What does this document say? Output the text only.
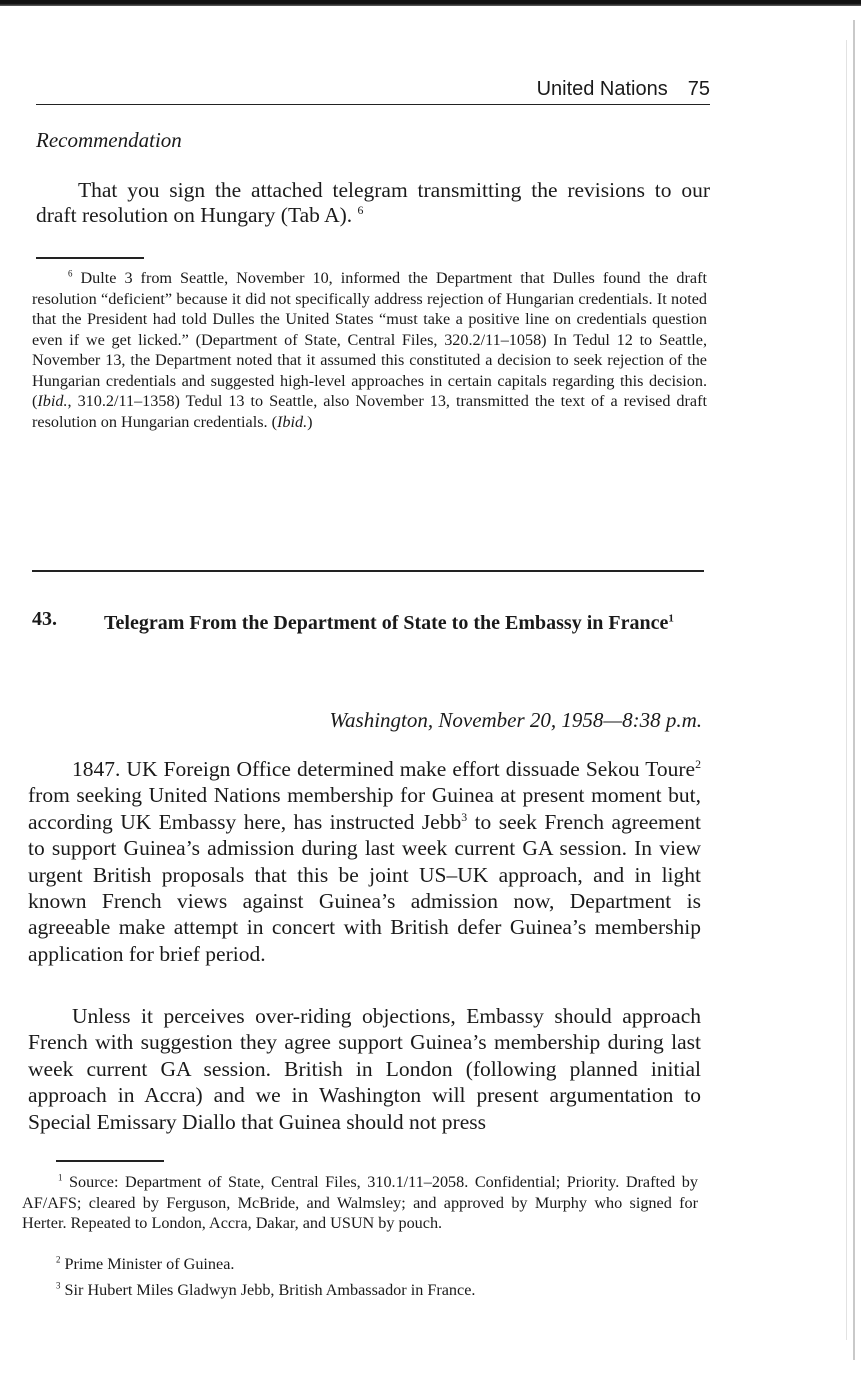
United Nations 75
Recommendation
That you sign the attached telegram transmitting the revisions to our draft resolution on Hungary (Tab A). $^6$
$^6$ Dulte 3 from Seattle, November 10, informed the Department that Dulles found the draft resolution “deficient” because it did not specifically address rejection of Hungarian credentials. It noted that the President had told Dulles the United States “must take a positive line on credentials question even if we get licked.” (Department of State, Central Files, 320.2/11–1058) In Tedul 12 to Seattle, November 13, the Department noted that it assumed this constituted a decision to seek rejection of the Hungarian credentials and suggested high-level approaches in certain capitals regarding this decision. (Ibid., 310.2/11–1358) Tedul 13 to Seattle, also November 13, transmitted the text of a revised draft resolution on Hungarian credentials. (Ibid.)
43. Telegram From the Department of State to the Embassy in France$^1$
Washington, November 20, 1958—8:38 p.m.
1847. UK Foreign Office determined make effort dissuade Sekou Toure$^2$ from seeking United Nations membership for Guinea at present moment but, according UK Embassy here, has instructed Jebb$^3$ to seek French agreement to support Guinea’s admission during last week current GA session. In view urgent British proposals that this be joint US–UK approach, and in light known French views against Guinea’s admission now, Department is agreeable make attempt in concert with British defer Guinea’s membership application for brief period.
Unless it perceives over-riding objections, Embassy should approach French with suggestion they agree support Guinea’s membership during last week current GA session. British in London (following planned initial approach in Accra) and we in Washington will present argumentation to Special Emissary Diallo that Guinea should not press
$^1$ Source: Department of State, Central Files, 310.1/11–2058. Confidential; Priority. Drafted by AF/AFS; cleared by Ferguson, McBride, and Walmsley; and approved by Murphy who signed for Herter. Repeated to London, Accra, Dakar, and USUN by pouch.
$^2$ Prime Minister of Guinea.
$^3$ Sir Hubert Miles Gladwyn Jebb, British Ambassador in France.
